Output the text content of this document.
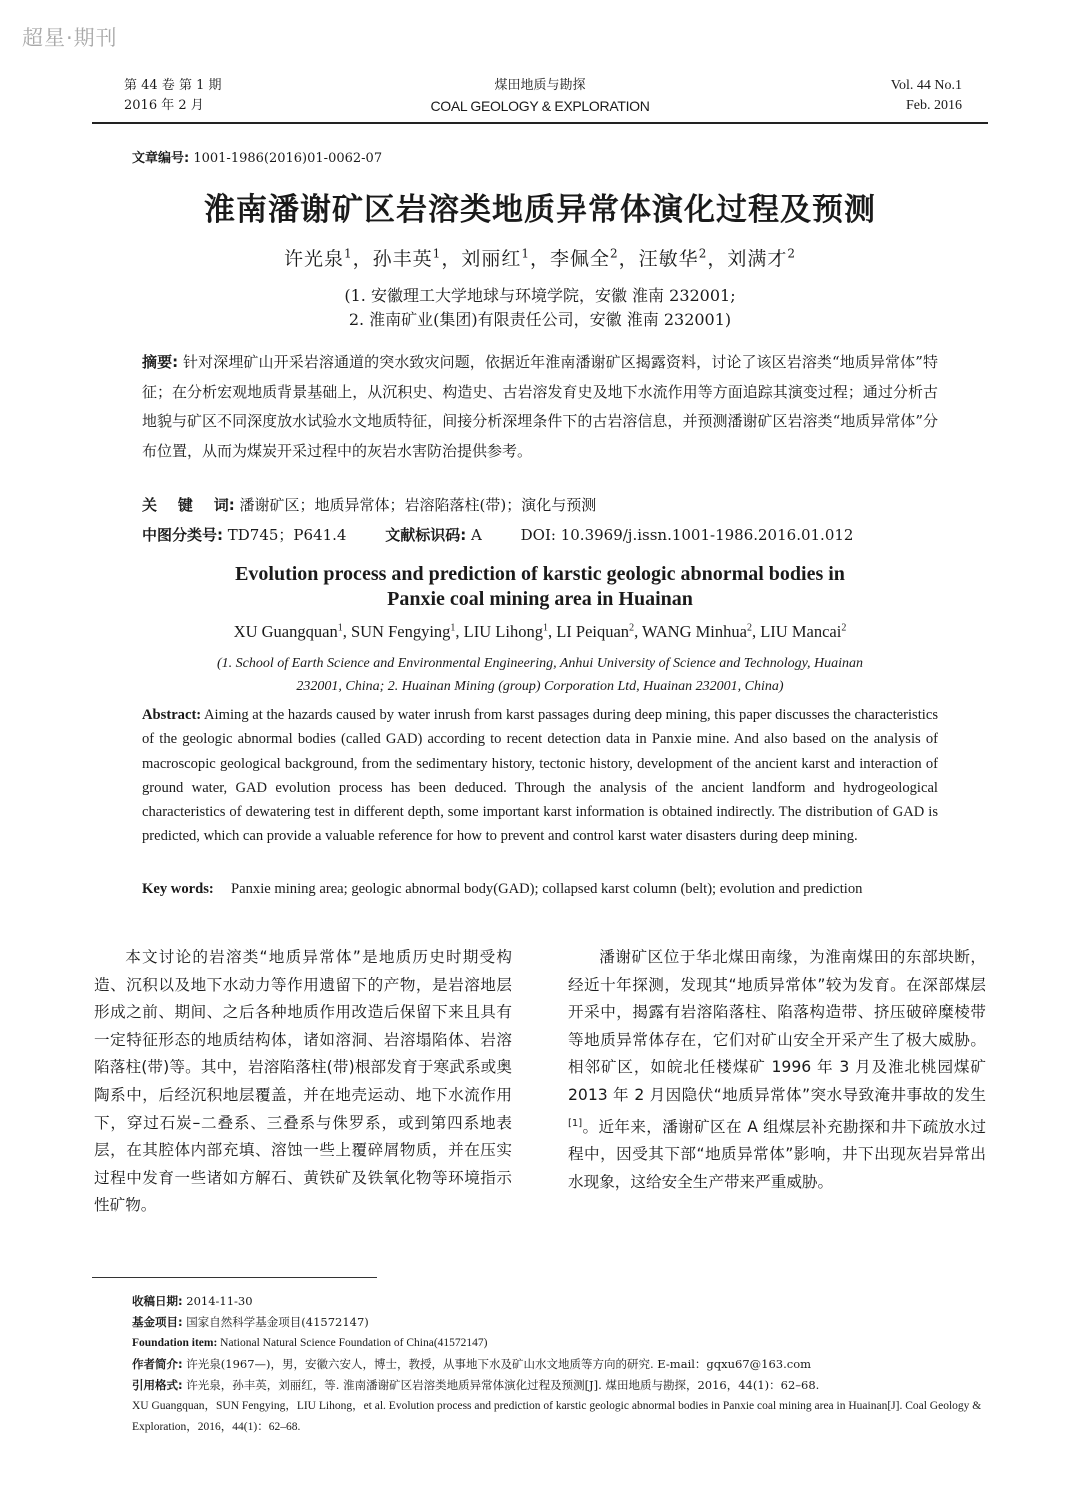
超星·期刊
第 44 卷 第 1 期
2016 年 2 月
煤田地质与勘探
COAL GEOLOGY & EXPLORATION
Vol. 44 No.1
Feb. 2016
文章编号: 1001-1986(2016)01-0062-07
淮南潘谢矿区岩溶类地质异常体演化过程及预测
许光泉$^1$，孙丰英$^1$，刘丽红$^1$，李佩全$^2$，汪敏华$^2$，刘满才$^2$
(1. 安徽理工大学地球与环境学院，安徽 淮南 232001;
2. 淮南矿业(集团)有限责任公司，安徽 淮南 232001)
摘要: 针对深埋矿山开采岩溶通道的突水致灾问题，依据近年淮南潘谢矿区揭露资料，讨论了该区岩溶类“地质异常体”特征；在分析宏观地质背景基础上，从沉积史、构造史、古岩溶发育史及地下水流作用等方面追踪其演变过程；通过分析古地貌与矿区不同深度放水试验水文地质特征，间接分析深埋条件下的古岩溶信息，并预测潘谢矿区岩溶类“地质异常体”分布位置，从而为煤炭开采过程中的灰岩水害防治提供参考。
关    键    词: 潘谢矿区；地质异常体；岩溶陷落柱(带)；演化与预测
中图分类号: TD745；P641.4	文献标识码: A	DOI: 10.3969/j.issn.1001-1986.2016.01.012
Evolution process and prediction of karstic geologic abnormal bodies in
Panxie coal mining area in Huainan
XU Guangquan$^1$, SUN Fengying$^1$, LIU Lihong$^1$, LI Peiquan$^2$, WANG Minhua$^2$, LIU Mancai$^2$
(1. School of Earth Science and Environmental Engineering, Anhui University of Science and Technology, Huainan
232001, China; 2. Huainan Mining (group) Corporation Ltd, Huainan 232001, China)
Abstract: Aiming at the hazards caused by water inrush from karst passages during deep mining, this paper discusses the characteristics of the geologic abnormal bodies (called GAD) according to recent detection data in Panxie mine. And also based on the analysis of macroscopic geological background, from the sedimentary history, tectonic history, development of the ancient karst and interaction of ground water, GAD evolution process has been deduced. Through the analysis of the ancient landform and hydrogeological characteristics of dewatering test in different depth, some important karst information is obtained indirectly. The distribution of GAD is predicted, which can provide a valuable reference for how to prevent and control karst water disasters during deep mining.
Key words:	Panxie mining area; geologic abnormal body(GAD); collapsed karst column (belt); evolution and prediction
本文讨论的岩溶类“地质异常体”是地质历史时期受构造、沉积以及地下水动力等作用遗留下的产物，是岩溶地层形成之前、期间、之后各种地质作用改造后保留下来且具有一定特征形态的地质结构体，诸如溶洞、岩溶塌陷体、岩溶陷落柱(带)等。其中，岩溶陷落柱(带)根部发育于寒武系或奥陶系中，后经沉积地层覆盖，并在地壳运动、地下水流作用下，穿过石炭–二叠系、三叠系与侏罗系，或到第四系地表层，在其腔体内部充填、溶蚀一些上覆碎屑物质，并在压实过程中发育一些诸如方解石、黄铁矿及铁氧化物等环境指示性矿物。
潘谢矿区位于华北煤田南缘，为淮南煤田的东部块断，经近十年探测，发现其“地质异常体”较为发育。在深部煤层开采中，揭露有岩溶陷落柱、陷落构造带、挤压破碎糜棱带等地质异常体存在，它们对矿山安全开采产生了极大威胁。相邻矿区，如皖北任楼煤矿 1996 年 3 月及淮北桃园煤矿 2013 年 2 月因隐伏“地质异常体”突水导致淹井事故的发生[1]。近年来，潘谢矿区在 A 组煤层补充勘探和井下疏放水过程中，因受其下部“地质异常体”影响，井下出现灰岩异常出水现象，这给安全生产带来严重威胁。
收稿日期: 2014-11-30
基金项目: 国家自然科学基金项目(41572147)
Foundation item: National Natural Science Foundation of China(41572147)
作者简介: 许光泉(1967—)，男，安徽六安人，博士，教授，从事地下水及矿山水文地质等方向的研究. E-mail：gqxu67@163.com
引用格式: 许光泉，孙丰英，刘丽红，等. 淮南潘谢矿区岩溶类地质异常体演化过程及预测[J]. 煤田地质与勘探，2016，44(1)：62–68.
XU Guangquan，SUN Fengying，LIU Lihong，et al. Evolution process and prediction of karstic geologic abnormal bodies in Panxie coal mining area in Huainan[J]. Coal Geology & Exploration，2016，44(1)：62–68.
